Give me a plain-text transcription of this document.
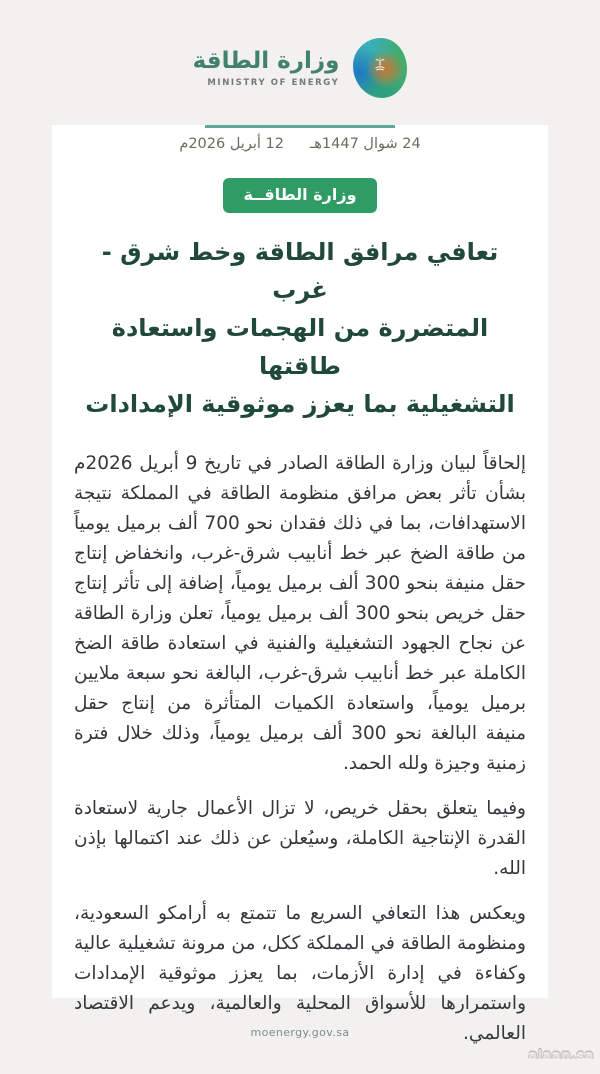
وزارة الطاقة
MINISTRY OF ENERGY
24 شوال 1447هـ
12 أبريل 2026م
وزارة الطاقــة
تعافي مرافق الطاقة وخط شرق - غرب
المتضررة من الهجمات واستعادة طاقتها
التشغيلية بما يعزز موثوقية الإمدادات

إلحاقاً لبيان وزارة الطاقة الصادر في تاريخ 9 أبريل 2026م بشأن تأثر بعض مرافق منظومة الطاقة في المملكة نتيجة الاستهدافات، بما في ذلك فقدان نحو 700 ألف برميل يومياً من طاقة الضخ عبر خط أنابيب شرق-غرب، وانخفاض إنتاج حقل منيفة بنحو 300 ألف برميل يومياً، إضافة إلى تأثر إنتاج حقل خريص بنحو 300 ألف برميل يومياً، تعلن وزارة الطاقة عن نجاح الجهود التشغيلية والفنية في استعادة طاقة الضخ الكاملة عبر خط أنابيب شرق-غرب، البالغة نحو سبعة ملايين برميل يومياً، واستعادة الكميات المتأثرة من إنتاج حقل منيفة البالغة نحو 300 ألف برميل يومياً، وذلك خلال فترة زمنية وجيزة ولله الحمد.

وفيما يتعلق بحقل خريص، لا تزال الأعمال جارية لاستعادة القدرة الإنتاجية الكاملة، وسيُعلن عن ذلك عند اكتمالها بإذن الله.

ويعكس هذا التعافي السريع ما تتمتع به أرامكو السعودية، ومنظومة الطاقة في المملكة ككل، من مرونة تشغيلية عالية وكفاءة في إدارة الأزمات، بما يعزز موثوقية الإمدادات واستمرارها للأسواق المحلية والعالمية، ويدعم الاقتصاد العالمي.

moenergy.gov.sa
alaan.sa
